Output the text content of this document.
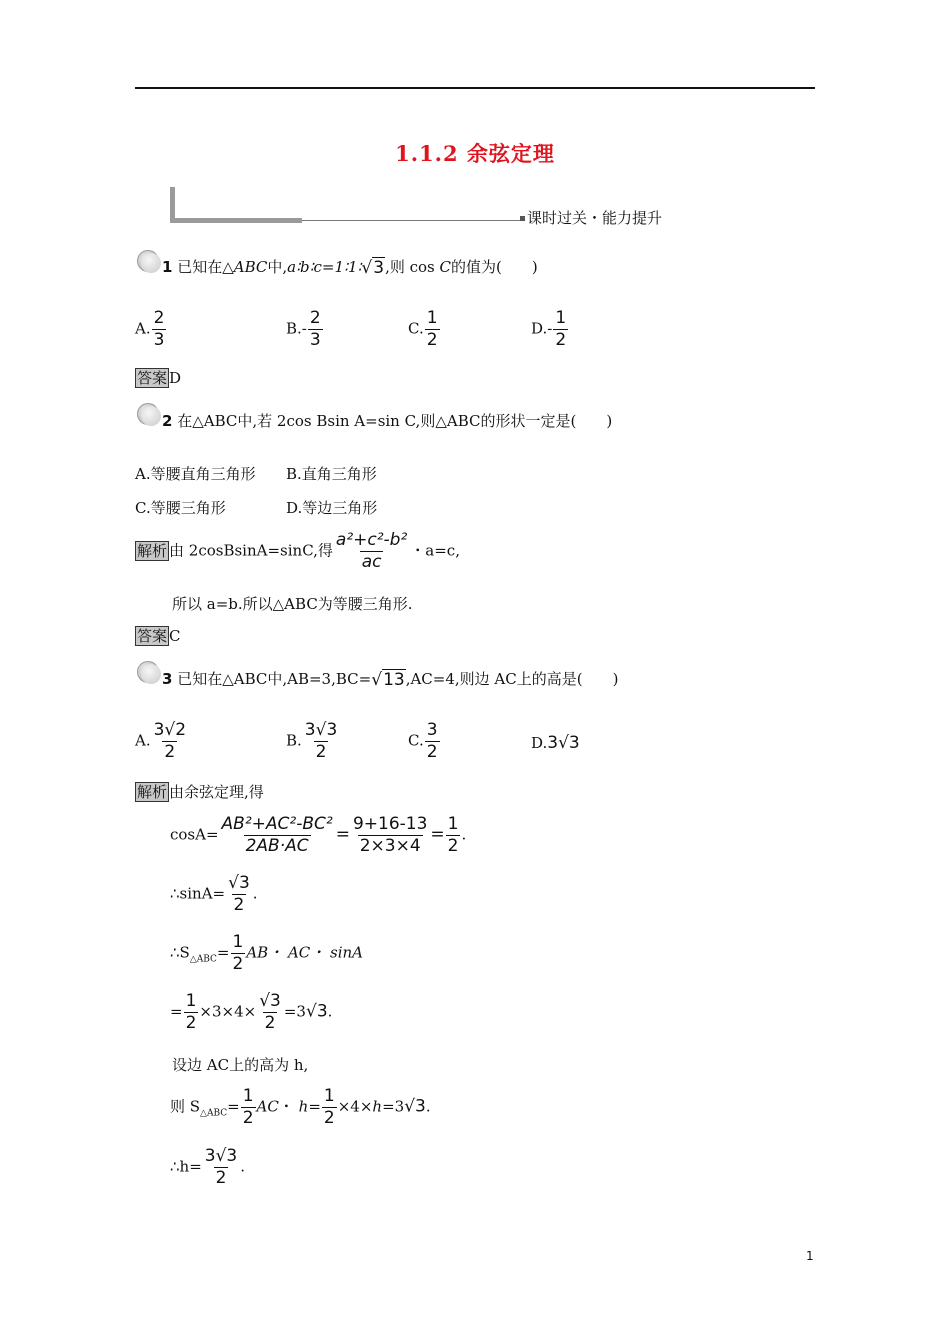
1.1.2 余弦定理
课时过关・能力提升
1 已知在△ABC中,a∶b∶c=1∶1∶√3,则 cos C的值为(　　)
A. $\frac{2}{3}$	$B.- \frac{2}{3}$	C. $\frac{1}{2}$	$D.- \frac{1}{2}$
答案 D
2 在△ABC中,若 2cos Bsin A=sin C,则△ABC的形状一定是(　　)
A.等腰直角三角形 B.直角三角形
C.等腰三角形	D.等边三角形
解析 由 2cosBsinA=sinC,得 $\frac{\text{a²+c²-b²}}{ac}$ ・a=c,
所以 a=b.所以△ABC为等腰三角形.
答案 C
3 已知在△ABC中,AB=3,BC=√13,AC=4,则边 AC上的高是(　　)
A. $\frac{3√2}{2}$	B. $\frac{3√3}{2}$	C. $\frac{3}{2}$	D.3√3
解析 由余弦定理,得
$\cos A= \frac{\text{AB²+AC²-BC²}}{2AB\cdot AC} = \frac{9+16-13}{2\times 3\times 4} = \frac{1}{2}$ .
∴sinA= $\frac{√3}{2}$ .
$\therefore S_{\triangle ABC}= \frac{1}{2}$ AB・ AC・ sinA
= $\frac{1}{2} \times 3\times 4\times \frac{√3}{2} =3√3$.
设边 AC上的高为 h,
则 $S_{\triangle ABC}= \frac{1}{2}$ AC・ $h= \frac{1}{2} \times 4\times h=3√3$.
∴h= $\frac{3√3}{2}$ .
1
